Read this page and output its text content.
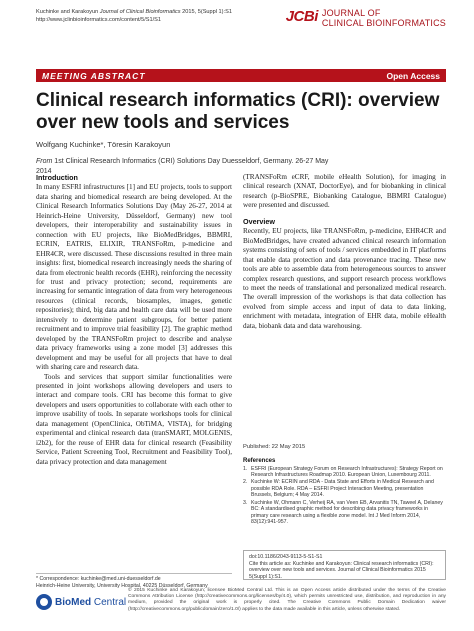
Kuchinke and Karakoyun Journal of Clinical Bioinformatics 2015, 5(Suppl 1):S1
http://www.jclinbioinformatics.com/content/5/S1/S1	JCBi JOURNAL OF
CLINICAL BIOINFORMATICS
MEETING ABSTRACT	Open Access
Clinical research informatics (CRI): overview over new tools and services
Wolfgang Kuchinke*, Töresin Karakoyun
From 1st Clinical Research Informatics (CRI) Solutions Day Duesseldorf, Germany. 26-27 May 2014
Introduction
In many ESFRI infrastructures [1] and EU projects, tools to support data sharing and biomedical research are being developed. At the Clinical Research Informatics Solutions Day (May 26-27, 2014 at Heinrich-Heine University, Düsseldorf, Germany) new tool developers, their interoperability and sustainability issues in connection with EU projects, like BioMedBridges, BBMRI, ECRIN, EATRIS, ELIXIR, TRANSFoRm, p-medicine and EHR4CR, were discussed. These discussions resulted in three main insights: first, biomedical research increasingly needs the sharing of data from electronic health records (EHR), reinforcing the necessity for trust and privacy protection; second, requirements are increasing for semantic integration of data from very heterogeneous resources (clinical records, biosamples, images, genetic repositories); third, big data and health care data will be used more intensively to determine patient subgroups, for better patient recruitment and to improve trial feasibility [2]. The graphic method developed by the TRANSFoRm project to describe and analyse data privacy frameworks using a zone model [3] addresses this development and may be useful for all projects that have to deal with sharing care and research data.
Tools and services that support similar functionalities were presented in joint workshops allowing developers and users to interact and compare tools. CRI has become this format to give developers and users opportunities to collaborate with each other to improve usability of tools. In separate workshops tools for clinical data management (OpenClinica, ObTiMA, VISTA), for bridging experimental and clinical research data (tranSMART, MOLGENIS, i2b2), for the reuse of EHR data for clinical research (Feasibility Service, Patient Screening Tool, Recruitment and Feasibility Tool), data privacy protection and data management
(TRANSFoRm eCRF, mobile eHealth Solution), for imaging in clinical research (XNAT, DoctorEye), and for biobanking in clinical research (p-BioSPRE, Biobanking Catalogue, BBMRI Catalogue) were presented and discussed.
Overview
Recently, EU projects, like TRANSFoRm, p-medicine, EHR4CR and BioMedBridges, have created advanced clinical research information systems consisting of sets of tools / services embedded in IT platforms that enable data protection and data provenance tracing. These new tools are able to assemble data from heterogeneous sources to answer complex research questions, and support research process workflows to meet the needs of translational and personalized medical research. The overall impression of the workshops is that data collection has evolved from simple access and input of data to data linking, enrichment with metadata, integration of EHR data, mobile eHealth data, biobank data and data warehousing.
Published: 22 May 2015
References
1. ESFRI (European Strategy Forum on Research Infrastructures): Strategy Report on Research Infrastructures Roadmap 2010. European Union, Luxembourg 2011.
2. Kuchinke W: ECRIN and RDA - Data State and Efforts in Medical Research and possible RDA Role. RDA – ESFRI Project Interaction Meeting, presentation Brussels, Belgium; 4 May 2014.
3. Kuchinke W, Ohmann C, Verheij RA, van Veen EB, Arvanitis TN, Taweel A, Delaney BC: A standardised graphic method for describing data privacy frameworks in primary care research using a flexible zone model. Int J Med Inform 2014, 83(12):941-957.
doi:10.1186/2043-9113-5-S1-S1
Cite this article as: Kuchinke and Karakoyun: Clinical research informatics (CRI): overview over new tools and services. Journal of Clinical Bioinformatics 2015 5(Suppl 1):S1.
* Correspondence: kuchinke@med.uni-duesseldorf.de
Heinrich-Heine University, University Hospital, 40225 Düsseldorf, Germany
BioMed Central
© 2015 Kuchinke and Karakoyun; licensee BioMed Central Ltd. This is an Open Access article distributed under the terms of the Creative Commons Attribution License (http://creativecommons.org/licenses/by/4.0), which permits unrestricted use, distribution, and reproduction in any medium, provided the original work is properly cited. The Creative Commons Public Domain Dedication waiver (http://creativecommons.org/publicdomain/zero/1.0/) applies to the data made available in this article, unless otherwise stated.
